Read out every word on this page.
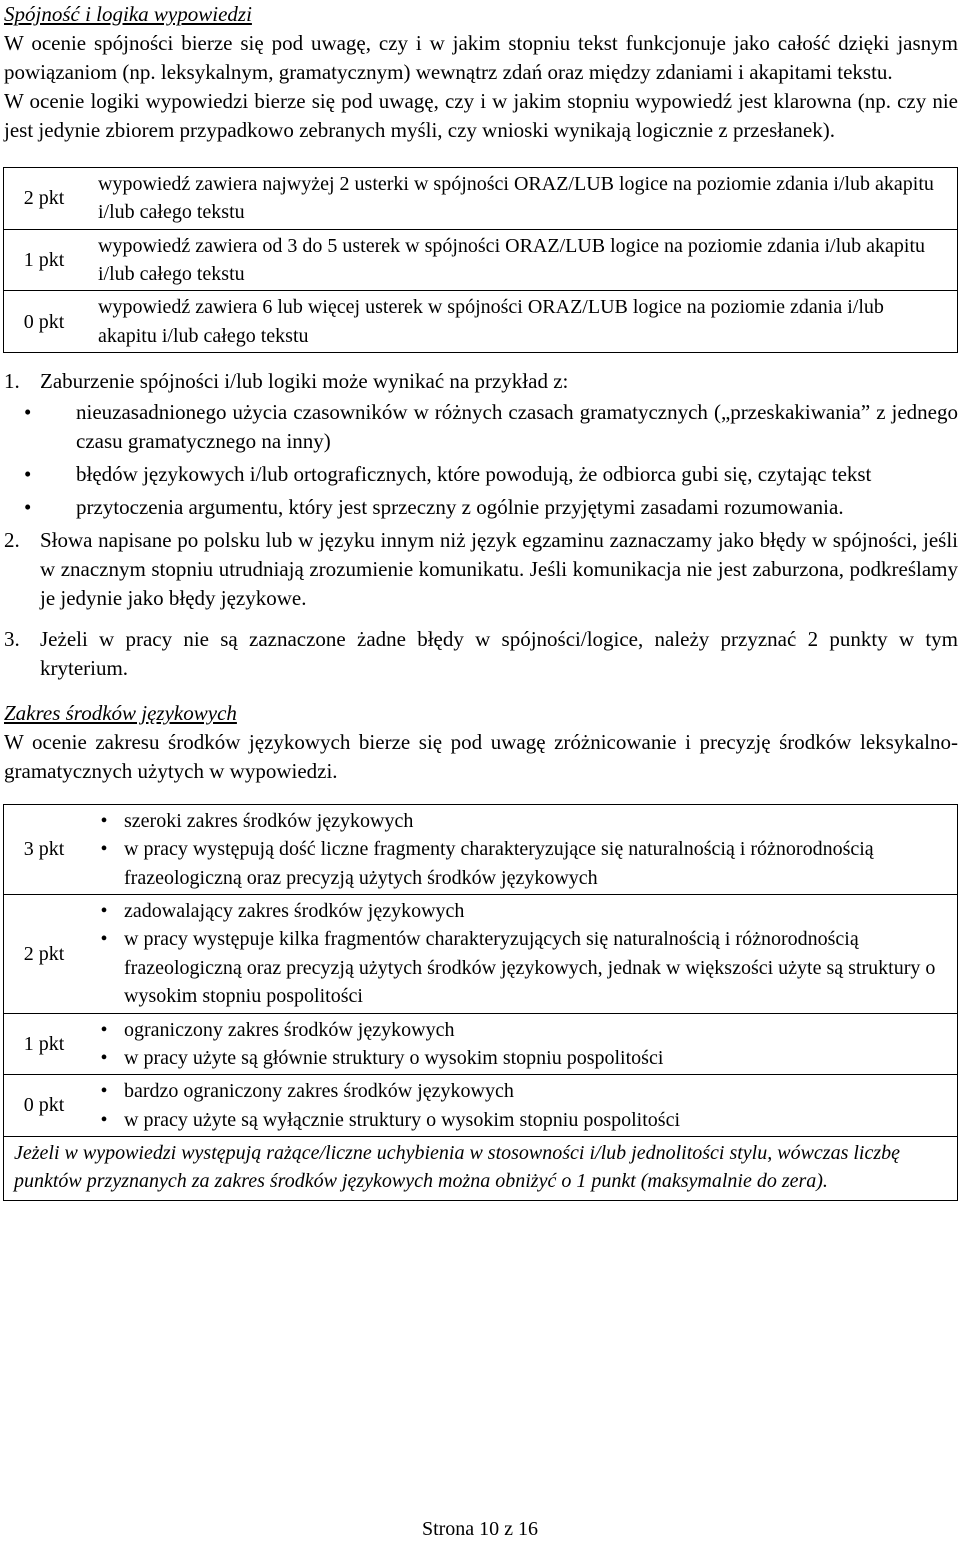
Spójność i logika wypowiedzi

W ocenie spójności bierze się pod uwagę, czy i w jakim stopniu tekst funkcjonuje jako całość dzięki jasnym powiązaniom (np. leksykalnym, gramatycznym) wewnątrz zdań oraz między zdaniami i akapitami tekstu.

W ocenie logiki wypowiedzi bierze się pod uwagę, czy i w jakim stopniu wypowiedź jest klarowna (np. czy nie jest jedynie zbiorem przypadkowo zebranych myśli, czy wnioski wynikają logicznie z przesłanek).

2 pkt	wypowiedź zawiera najwyżej 2 usterki w spójności ORAZ/LUB logice na poziomie zdania i/lub akapitu i/lub całego tekstu
1 pkt	wypowiedź zawiera od 3 do 5 usterek w spójności ORAZ/LUB logice na poziomie zdania i/lub akapitu i/lub całego tekstu
0 pkt	wypowiedź zawiera 6 lub więcej usterek w spójności ORAZ/LUB logice na poziomie zdania i/lub akapitu i/lub całego tekstu
1. Zaburzenie spójności i/lub logiki może wynikać na przykład z:
•	nieuzasadnionego użycia czasowników w różnych czasach gramatycznych („przeskakiwania” z jednego czasu gramatycznego na inny)
•	błędów językowych i/lub ortograficznych, które powodują, że odbiorca gubi się, czytając tekst
•	przytoczenia argumentu, który jest sprzeczny z ogólnie przyjętymi zasadami rozumowania.
2. Słowa napisane po polsku lub w języku innym niż język egzaminu zaznaczamy jako błędy w spójności, jeśli w znacznym stopniu utrudniają zrozumienie komunikatu. Jeśli komunikacja nie jest zaburzona, podkreślamy je jedynie jako błędy językowe.
3. Jeżeli w pracy nie są zaznaczone żadne błędy w spójności/logice, należy przyznać 2 punkty w tym kryterium.

Zakres środków językowych

W ocenie zakresu środków językowych bierze się pod uwagę zróżnicowanie i precyzję środków leksykalno-gramatycznych użytych w wypowiedzi.

3 pkt	• szeroki zakres środków językowych
• w pracy występują dość liczne fragmenty charakteryzujące się naturalnością i różnorodnością frazeologiczną oraz precyzją użytych środków językowych

2 pkt	• zadowalający zakres środków językowych
• w pracy występuje kilka fragmentów charakteryzujących się naturalnością i różnorodnością frazeologiczną oraz precyzją użytych środków językowych, jednak w większości użyte są struktury o wysokim stopniu pospolitości

1 pkt	• ograniczony zakres środków językowych
• w pracy użyte są głównie struktury o wysokim stopniu pospolitości

0 pkt	• bardzo ograniczony zakres środków językowych
• w pracy użyte są wyłącznie struktury o wysokim stopniu pospolitości

Jeżeli w wypowiedzi występują rażące/liczne uchybienia w stosowności i/lub jednolitości stylu, wówczas liczbę punktów przyznanych za zakres środków językowych można obniżyć o 1 punkt (maksymalnie do zera).	
Strona 10 z 16
